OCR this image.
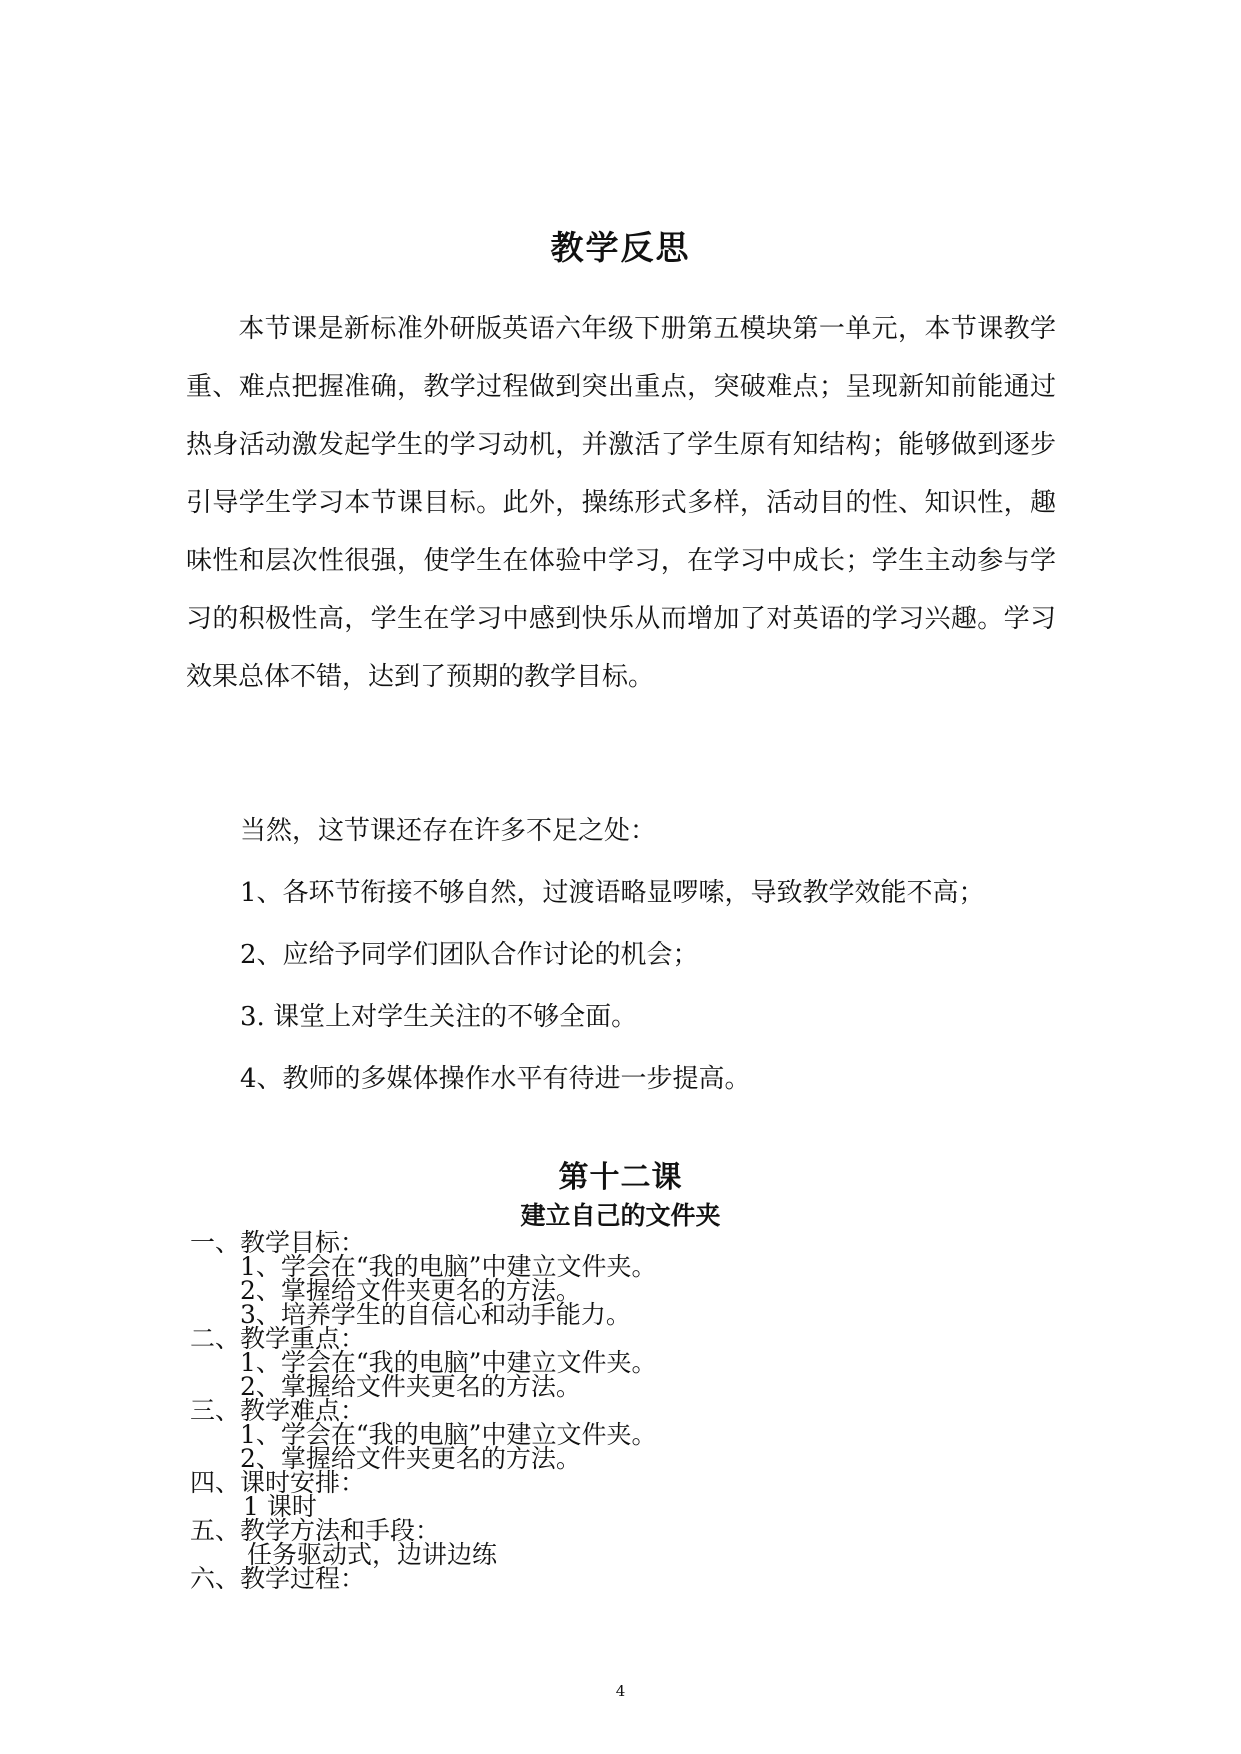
教学反思

本节课是新标准外研版英语六年级下册第五模块第一单元，本节课教学重、难点把握准确，教学过程做到突出重点，突破难点；呈现新知前能通过热身活动激发起学生的学习动机，并激活了学生原有知结构；能够做到逐步引导学生学习本节课目标。此外，操练形式多样，活动目的性、知识性，趣味性和层次性很强，使学生在体验中学习，在学习中成长；学生主动参与学习的积极性高，学生在学习中感到快乐从而增加了对英语的学习兴趣。学习效果总体不错，达到了预期的教学目标。

当然，这节课还存在许多不足之处：
1、各环节衔接不够自然，过渡语略显啰嗦，导致教学效能不高；
2、应给予同学们团队合作讨论的机会；
3. 课堂上对学生关注的不够全面。
4、教师的多媒体操作水平有待进一步提高。
第十二课
建立自己的文件夹
一、教学目标：
1、学会在“我的电脑”中建立文件夹。
2、掌握给文件夹更名的方法。
3、培养学生的自信心和动手能力。
二、教学重点：
1、学会在“我的电脑”中建立文件夹。
2、掌握给文件夹更名的方法。
三、教学难点：
1、学会在“我的电脑”中建立文件夹。
2、掌握给文件夹更名的方法。
四、课时安排：
1 课时
五、教学方法和手段：
任务驱动式，边讲边练
六、教学过程：
4
